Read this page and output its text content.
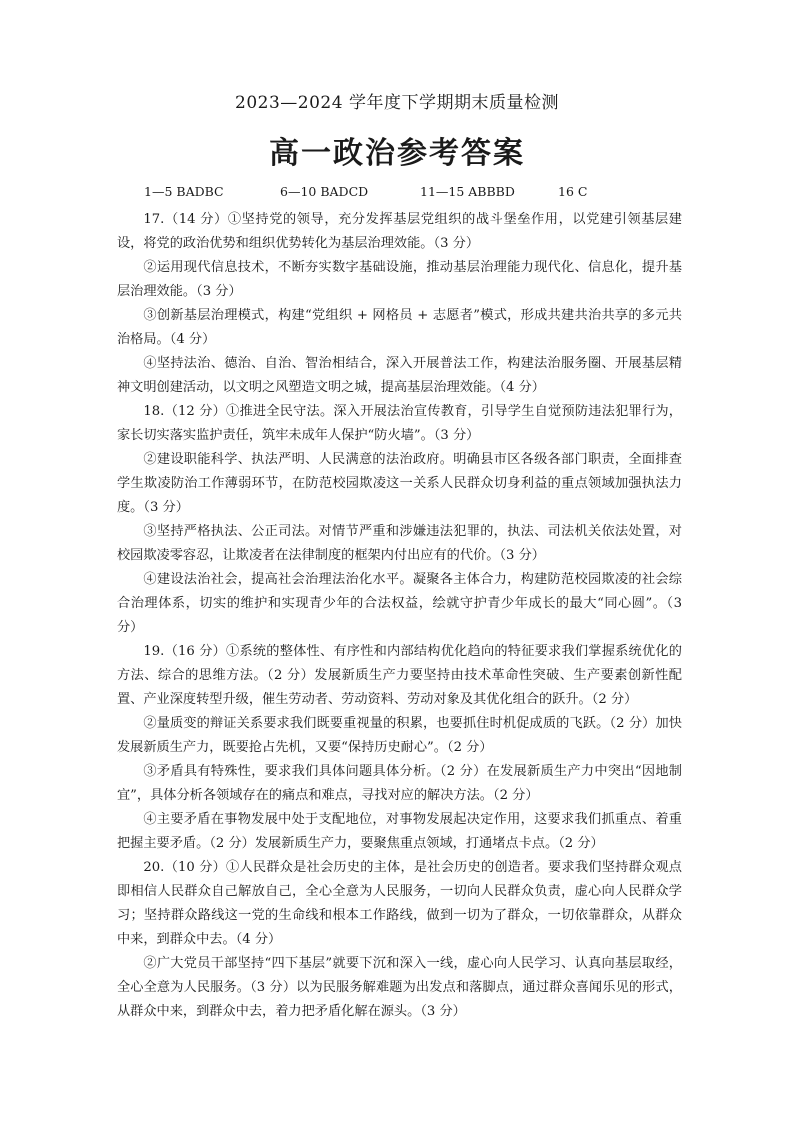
2023—2024 学年度下学期期末质量检测
高一政治参考答案
1—5 BADBC	6—10 BADCD	11—15 ABBBD	16 C

17.（14 分）①坚持党的领导，充分发挥基层党组织的战斗堡垒作用，以党建引领基层建设，将党的政治优势和组织优势转化为基层治理效能。（3 分）

②运用现代信息技术，不断夯实数字基础设施，推动基层治理能力现代化、信息化，提升基层治理效能。（3 分）

③创新基层治理模式，构建“党组织 + 网格员 + 志愿者”模式，形成共建共治共享的多元共治格局。（4 分）

④坚持法治、德治、自治、智治相结合，深入开展普法工作，构建法治服务圈、开展基层精神文明创建活动，以文明之风塑造文明之城，提高基层治理效能。（4 分）

18.（12 分）①推进全民守法。深入开展法治宣传教育，引导学生自觉预防违法犯罪行为，家长切实落实监护责任，筑牢未成年人保护“防火墙”。（3 分）

②建设职能科学、执法严明、人民满意的法治政府。明确县市区各级各部门职责，全面排查学生欺凌防治工作薄弱环节，在防范校园欺凌这一关系人民群众切身利益的重点领域加强执法力度。（3 分）

③坚持严格执法、公正司法。对情节严重和涉嫌违法犯罪的，执法、司法机关依法处置，对校园欺凌零容忍，让欺凌者在法律制度的框架内付出应有的代价。（3 分）

④建设法治社会，提高社会治理法治化水平。凝聚各主体合力，构建防范校园欺凌的社会综合治理体系，切实的维护和实现青少年的合法权益，绘就守护青少年成长的最大“同心圆”。（3 分）

19.（16 分）①系统的整体性、有序性和内部结构优化趋向的特征要求我们掌握系统优化的方法、综合的思维方法。（2 分）发展新质生产力要坚持由技术革命性突破、生产要素创新性配置、产业深度转型升级，催生劳动者、劳动资料、劳动对象及其优化组合的跃升。（2 分）

②量质变的辩证关系要求我们既要重视量的积累，也要抓住时机促成质的飞跃。（2 分）加快发展新质生产力，既要抢占先机，又要“保持历史耐心”。（2 分）

③矛盾具有特殊性，要求我们具体问题具体分析。（2 分）在发展新质生产力中突出“因地制宜”，具体分析各领域存在的痛点和难点，寻找对应的解决方法。（2 分）

④主要矛盾在事物发展中处于支配地位，对事物发展起决定作用，这要求我们抓重点、着重把握主要矛盾。（2 分）发展新质生产力，要聚焦重点领域，打通堵点卡点。（2 分）

20.（10 分）①人民群众是社会历史的主体，是社会历史的创造者。要求我们坚持群众观点即相信人民群众自己解放自己，全心全意为人民服务，一切向人民群众负责，虚心向人民群众学习；坚持群众路线这一党的生命线和根本工作路线，做到一切为了群众，一切依靠群众，从群众中来，到群众中去。（4 分）

②广大党员干部坚持“四下基层”就要下沉和深入一线，虚心向人民学习、认真向基层取经，全心全意为人民服务。（3 分）以为民服务解难题为出发点和落脚点，通过群众喜闻乐见的形式，从群众中来，到群众中去，着力把矛盾化解在源头。（3 分）
